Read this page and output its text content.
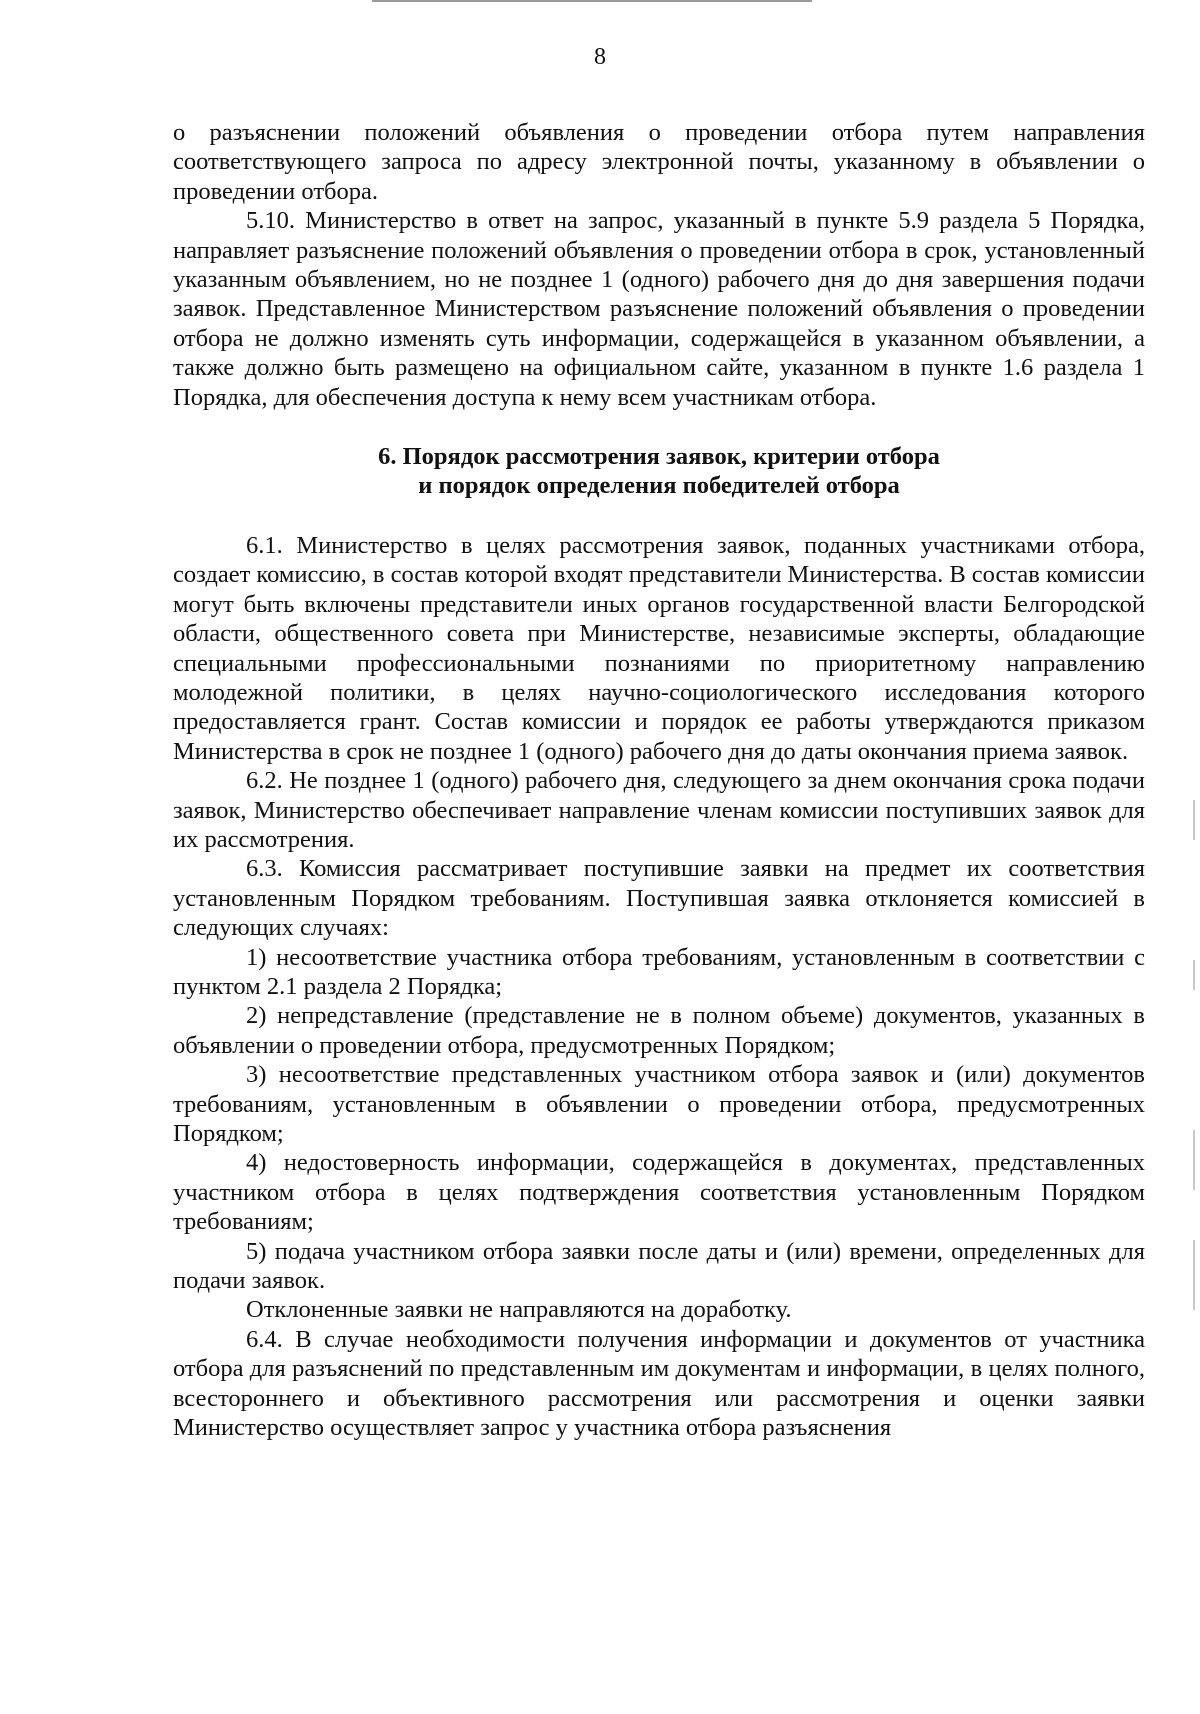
8

о разъяснении положений объявления о проведении отбора путем направления соответствующего запроса по адресу электронной почты, указанному в объявлении о проведении отбора.

5.10. Министерство в ответ на запрос, указанный в пункте 5.9 раздела 5 Порядка, направляет разъяснение положений объявления о проведении отбора в срок, установленный указанным объявлением, но не позднее 1 (одного) рабочего дня до дня завершения подачи заявок. Представленное Министерством разъяснение положений объявления о проведении отбора не должно изменять суть информации, содержащейся в указанном объявлении, а также должно быть размещено на официальном сайте, указанном в пункте 1.6 раздела 1 Порядка, для обеспечения доступа к нему всем участникам отбора.

6. Порядок рассмотрения заявок, критерии отбора

и порядок определения победителей отбора

6.1. Министерство в целях рассмотрения заявок, поданных участниками отбора, создает комиссию, в состав которой входят представители Министерства. В состав комиссии могут быть включены представители иных органов государственной власти Белгородской области, общественного совета при Министерстве, независимые эксперты, обладающие специальными профессиональными познаниями по приоритетному направлению молодежной политики, в целях научно-социологического исследования которого предоставляется грант. Состав комиссии и порядок ее работы утверждаются приказом Министерства в срок не позднее 1 (одного) рабочего дня до даты окончания приема заявок.

6.2. Не позднее 1 (одного) рабочего дня, следующего за днем окончания срока подачи заявок, Министерство обеспечивает направление членам комиссии поступивших заявок для их рассмотрения.

6.3. Комиссия рассматривает поступившие заявки на предмет их соответствия установленным Порядком требованиям. Поступившая заявка отклоняется комиссией в следующих случаях:

1) несоответствие участника отбора требованиям, установленным в соответствии с пунктом 2.1 раздела 2 Порядка;

2) непредставление (представление не в полном объеме) документов, указанных в объявлении о проведении отбора, предусмотренных Порядком;

3) несоответствие представленных участником отбора заявок и (или) документов требованиям, установленным в объявлении о проведении отбора, предусмотренных Порядком;

4) недостоверность информации, содержащейся в документах, представленных участником отбора в целях подтверждения соответствия установленным Порядком требованиям;

5) подача участником отбора заявки после даты и (или) времени, определенных для подачи заявок.

Отклоненные заявки не направляются на доработку.

6.4. В случае необходимости получения информации и документов от участника отбора для разъяснений по представленным им документам и информации, в целях полного, всестороннего и объективного рассмотрения или рассмотрения и оценки заявки Министерство осуществляет запрос у участника отбора разъяснения
